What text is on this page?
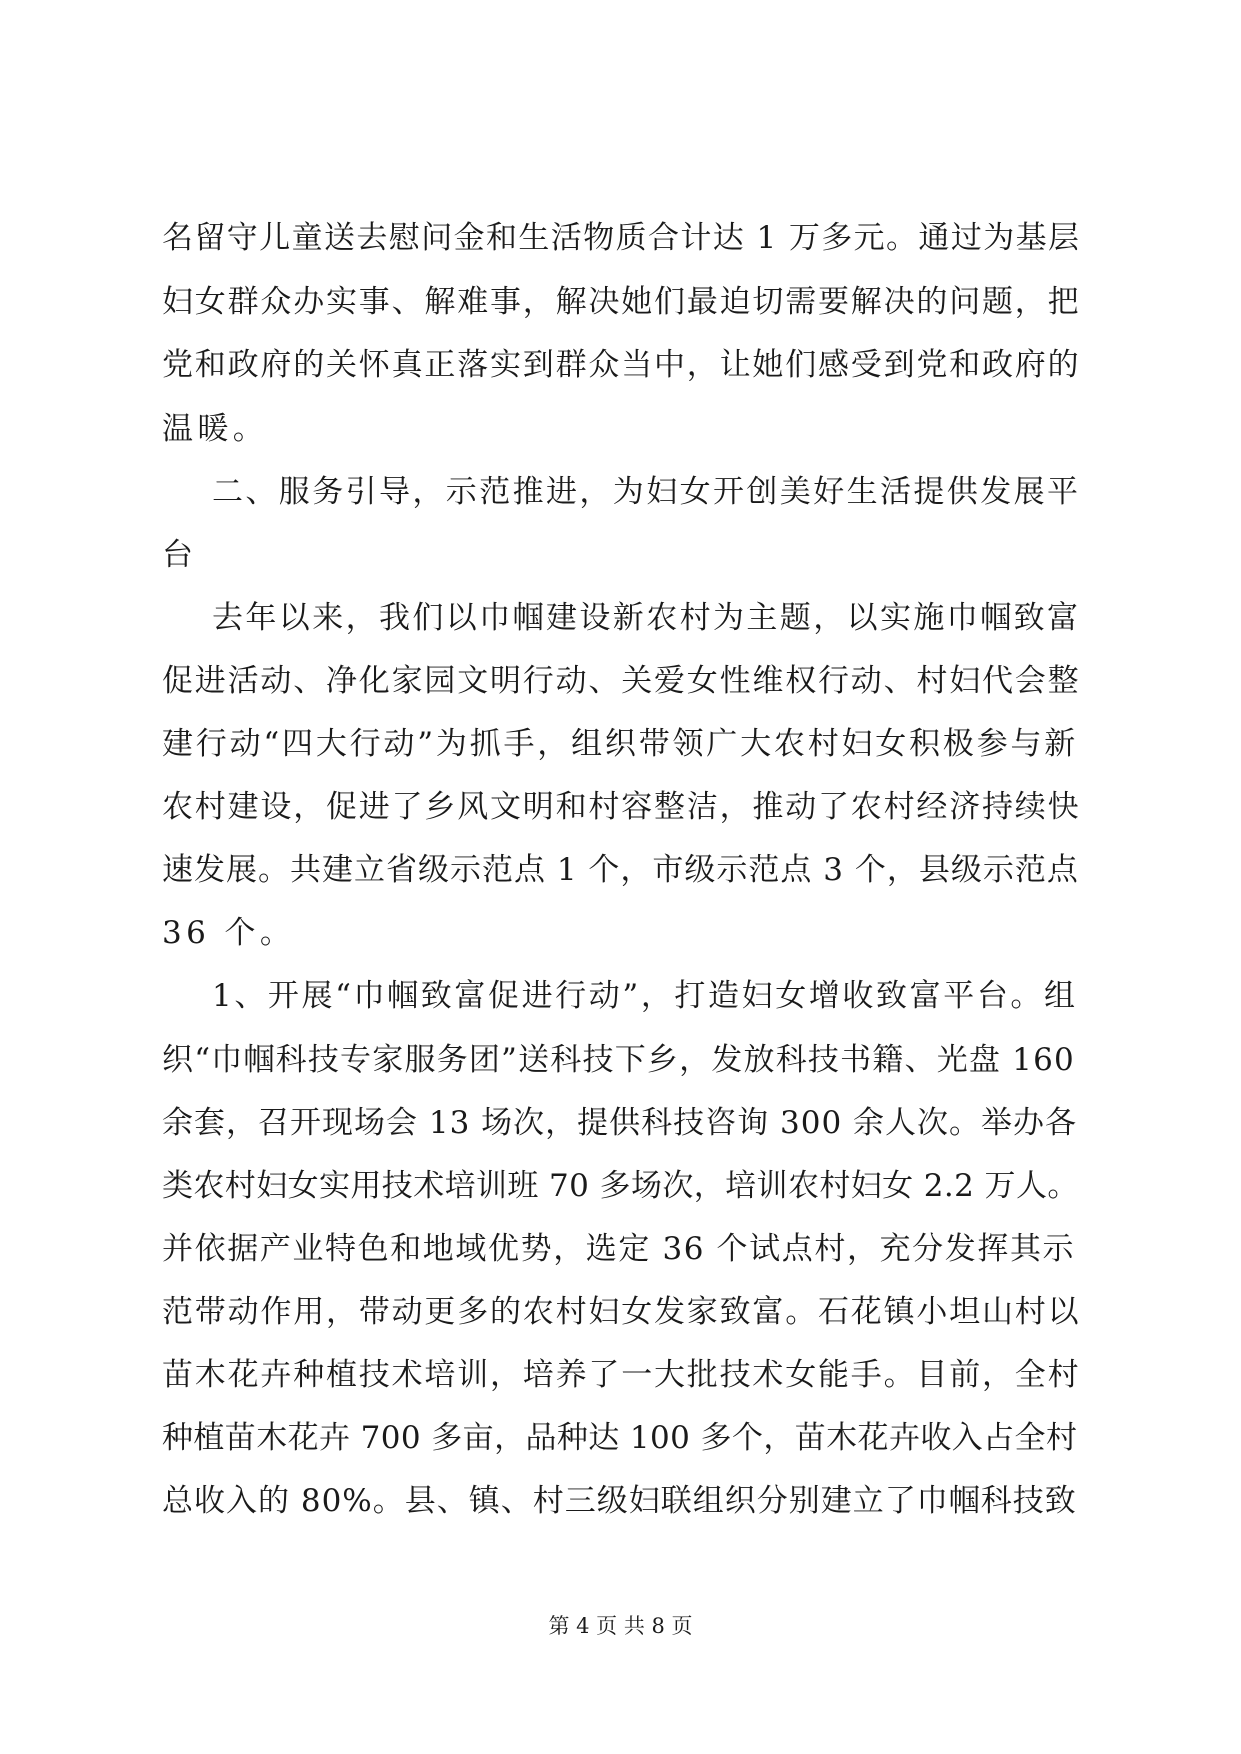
名留守儿童送去慰问金和生活物质合计达 1 万多元。通过为基层
妇女群众办实事、解难事，解决她们最迫切需要解决的问题，把
党和政府的关怀真正落实到群众当中，让她们感受到党和政府的
温暖。
二、服务引导，示范推进，为妇女开创美好生活提供发展平
台
去年以来，我们以巾帼建设新农村为主题，以实施巾帼致富
促进活动、净化家园文明行动、关爱女性维权行动、村妇代会整
建行动“四大行动”为抓手，组织带领广大农村妇女积极参与新
农村建设，促进了乡风文明和村容整洁，推动了农村经济持续快
速发展。共建立省级示范点 1 个，市级示范点 3 个，县级示范点
36 个。
1、开展“巾帼致富促进行动”，打造妇女增收致富平台。组
织“巾帼科技专家服务团”送科技下乡，发放科技书籍、光盘 160
余套，召开现场会 13 场次，提供科技咨询 300 余人次。举办各
类农村妇女实用技术培训班 70 多场次，培训农村妇女 2.2 万人。
并依据产业特色和地域优势，选定 36 个试点村，充分发挥其示
范带动作用，带动更多的农村妇女发家致富。石花镇小坦山村以
苗木花卉种植技术培训，培养了一大批技术女能手。目前，全村
种植苗木花卉 700 多亩，品种达 100 多个，苗木花卉收入占全村
总收入的 80%。县、镇、村三级妇联组织分别建立了巾帼科技致
第 4 页 共 8 页
